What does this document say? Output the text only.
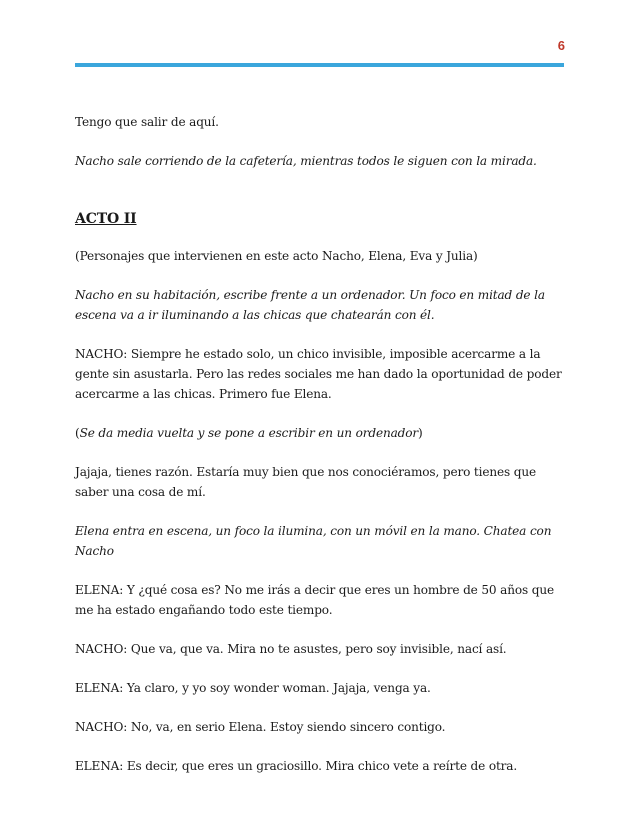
6

Tengo que salir de aquí.

Nacho sale corriendo de la cafetería, mientras todos le siguen con la mirada.

ACTO II

(Personajes que intervienen en este acto Nacho, Elena, Eva y Julia)

Nacho en su habitación, escribe frente a un ordenador. Un foco en mitad de la escena va a ir iluminando a las chicas que chatearán con él.

NACHO: Siempre he estado solo, un chico invisible, imposible acercarme a la gente sin asustarla. Pero las redes sociales me han dado la oportunidad de poder acercarme a las chicas. Primero fue Elena.

(Se da media vuelta y se pone a escribir en un ordenador)

Jajaja, tienes razón. Estaría muy bien que nos conociéramos, pero tienes que saber una cosa de mí.

Elena entra en escena, un foco la ilumina, con un móvil en la mano. Chatea con Nacho

ELENA: Y ¿qué cosa es? No me irás a decir que eres un hombre de 50 años que me ha estado engañando todo este tiempo.

NACHO: Que va, que va. Mira no te asustes, pero soy invisible, nací así.

ELENA: Ya claro, y yo soy wonder woman. Jajaja, venga ya.

NACHO: No, va, en serio Elena. Estoy siendo sincero contigo.

ELENA: Es decir, que eres un graciosillo. Mira chico vete a reírte de otra.
